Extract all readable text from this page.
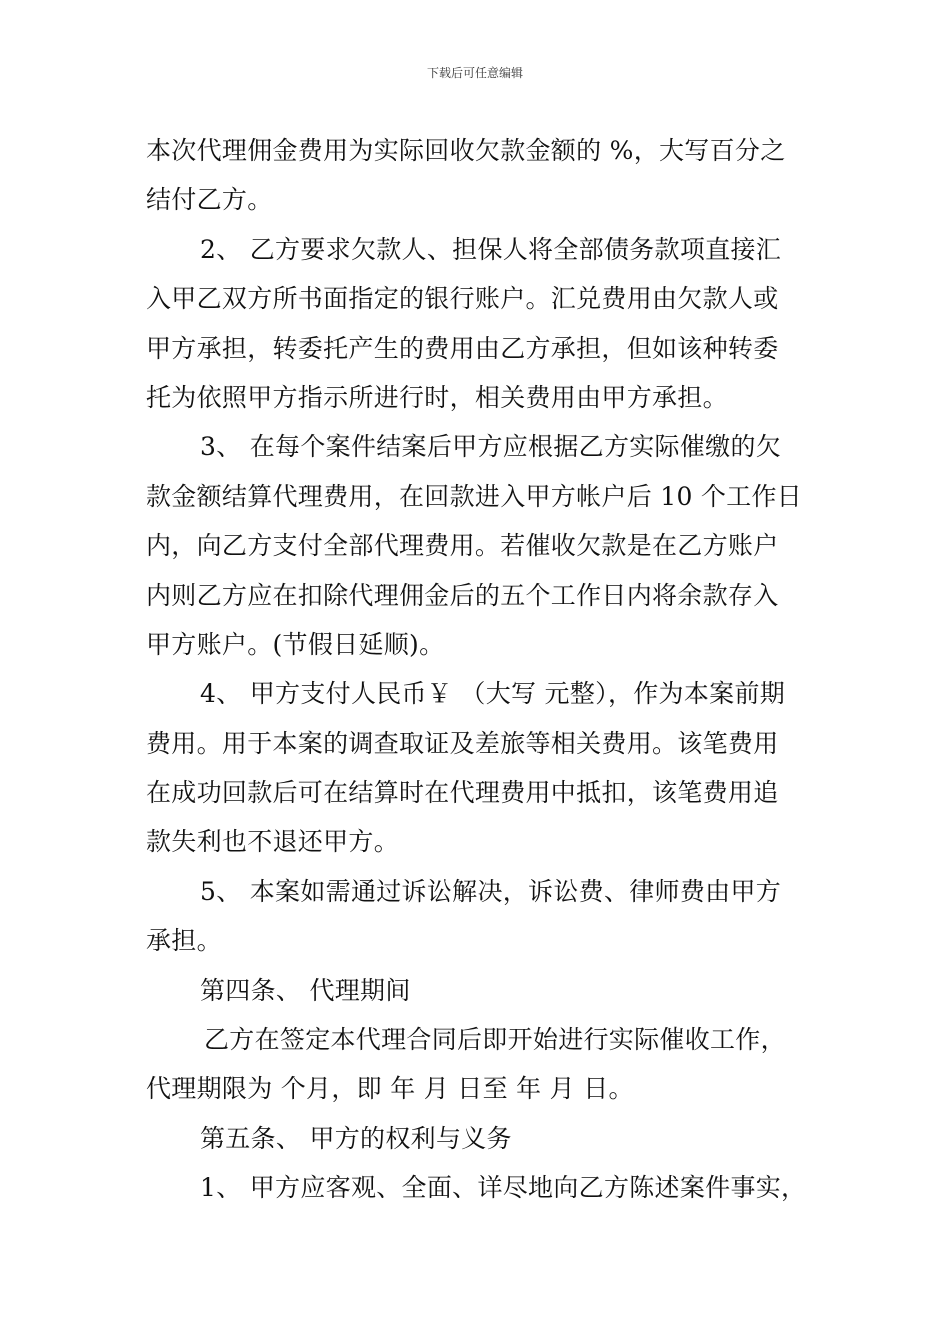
下载后可任意编辑
本次代理佣金费用为实际回收欠款金额的 %，大写百分之
结付乙方。
2、 乙方要求欠款人、担保人将全部债务款项直接汇
入甲乙双方所书面指定的银行账户。汇兑费用由欠款人或
甲方承担，转委托产生的费用由乙方承担，但如该种转委
托为依照甲方指示所进行时，相关费用由甲方承担。
3、 在每个案件结案后甲方应根据乙方实际催缴的欠
款金额结算代理费用，在回款进入甲方帐户后 10 个工作日
内，向乙方支付全部代理费用。若催收欠款是在乙方账户
内则乙方应在扣除代理佣金后的五个工作日内将余款存入
甲方账户。(节假日延顺)。
4、 甲方支付人民币￥ （大写 元整），作为本案前期
费用。用于本案的调查取证及差旅等相关费用。该笔费用
在成功回款后可在结算时在代理费用中抵扣，该笔费用追
款失利也不退还甲方。
5、 本案如需通过诉讼解决，诉讼费、律师费由甲方
承担。
第四条、 代理期间
乙方在签定本代理合同后即开始进行实际催收工作，
代理期限为 个月，即 年 月 日至 年 月 日。
第五条、 甲方的权利与义务
1、 甲方应客观、全面、详尽地向乙方陈述案件事实，
